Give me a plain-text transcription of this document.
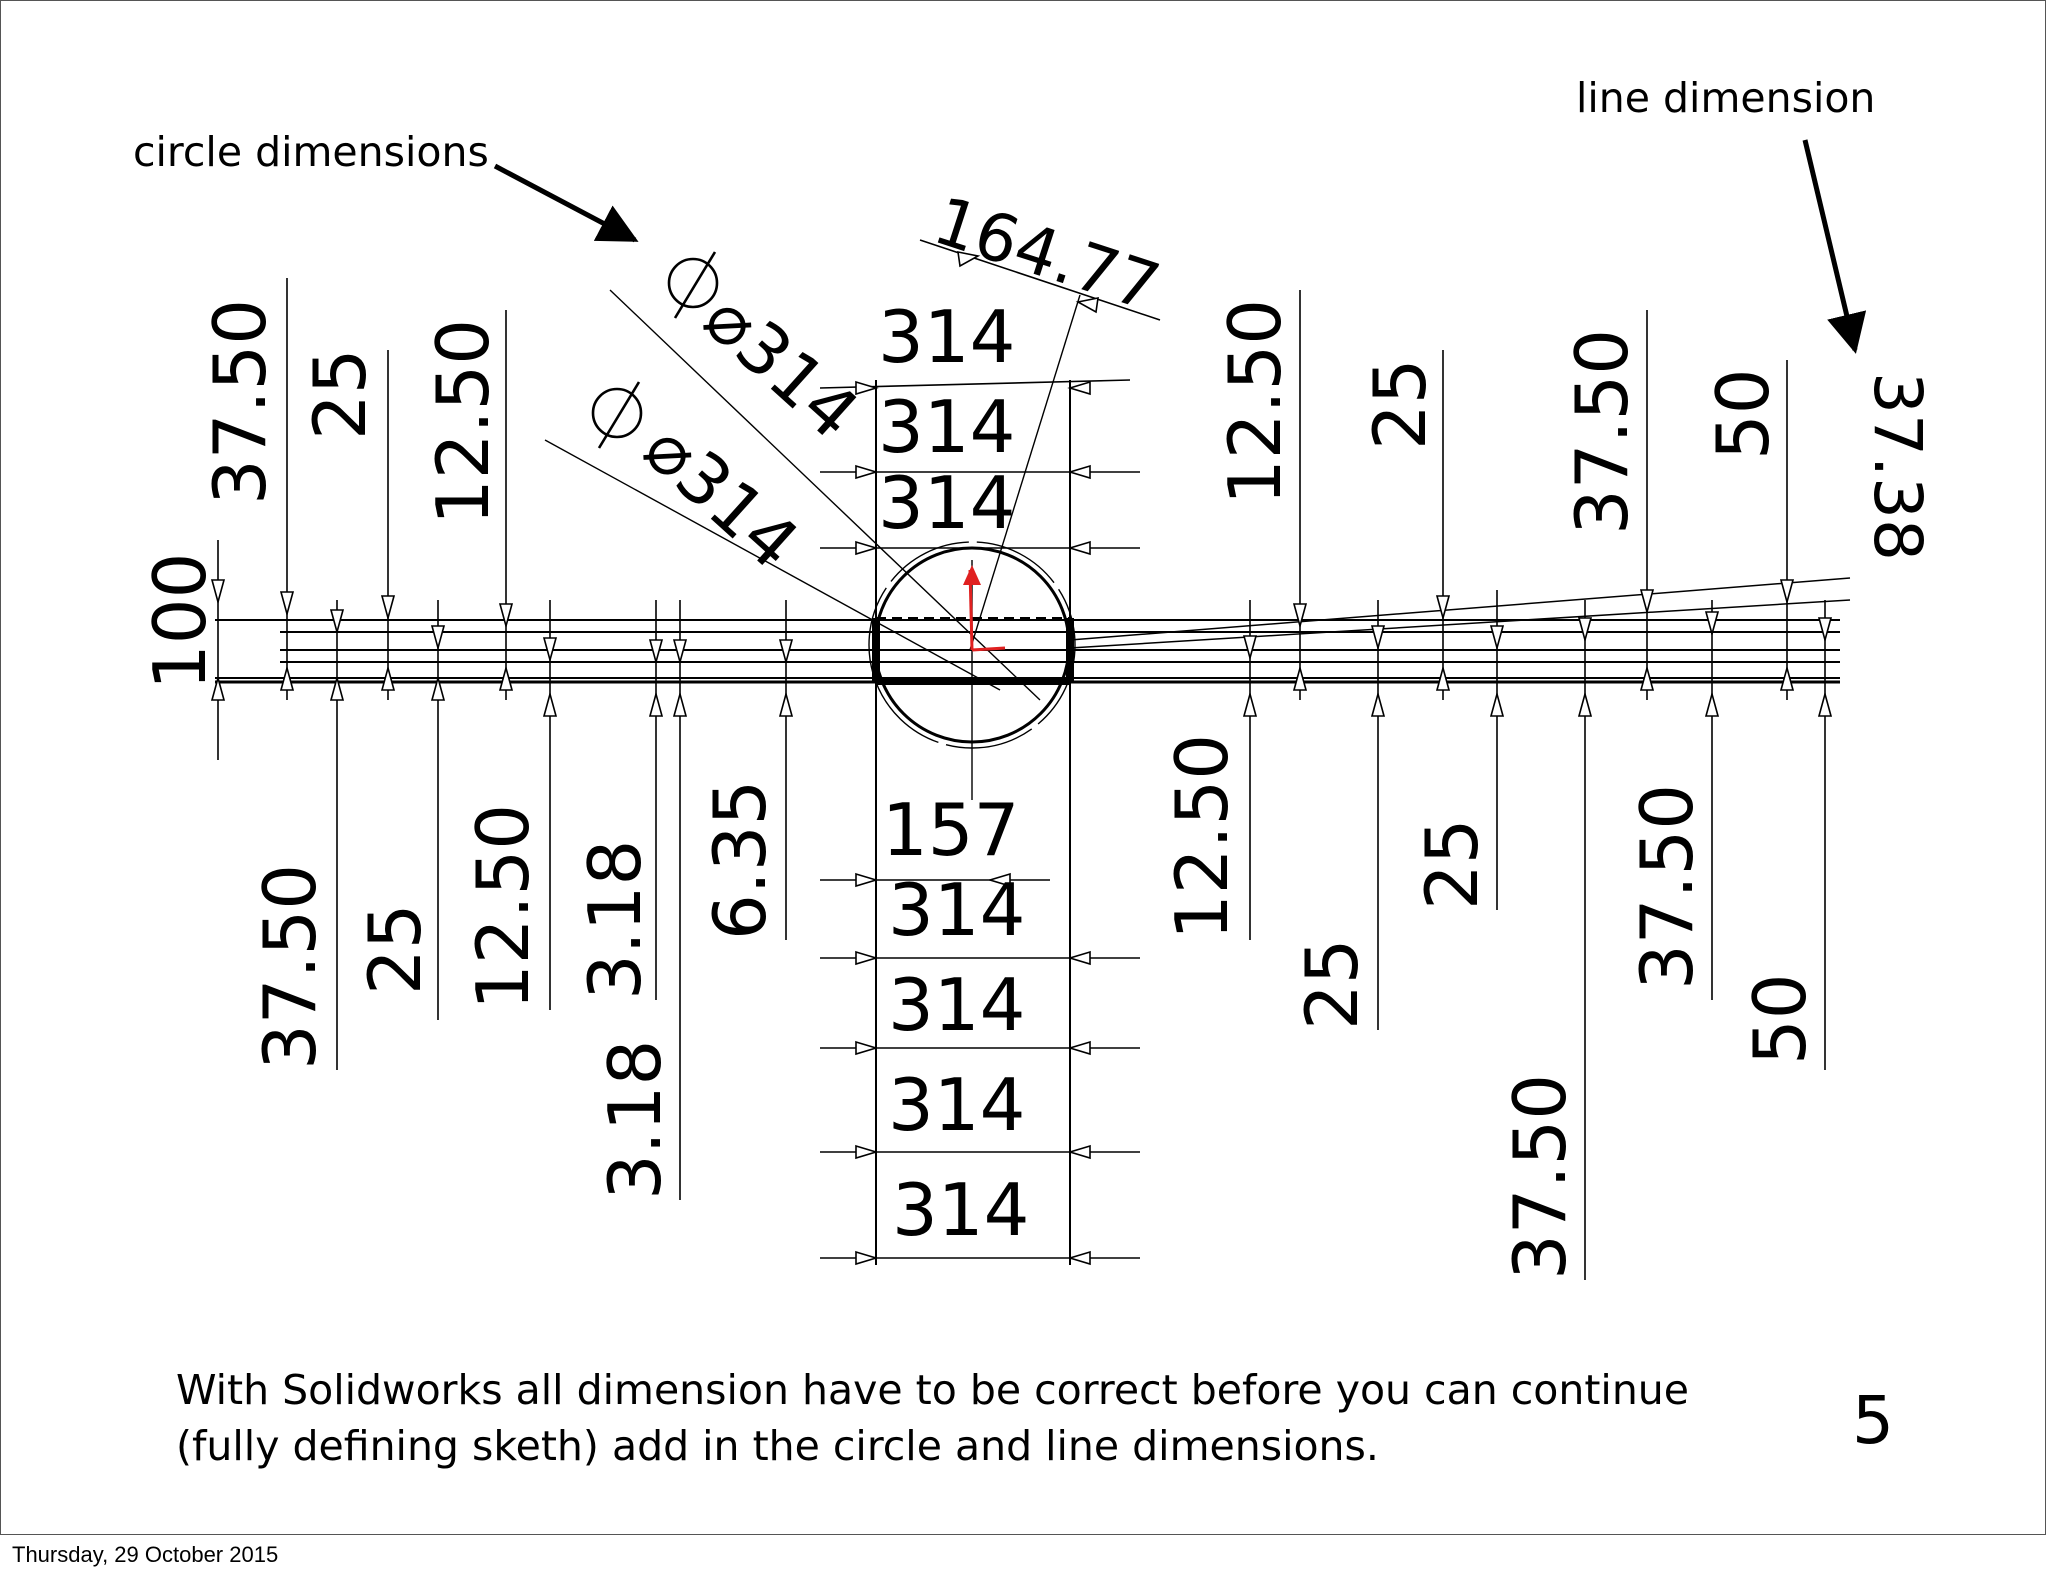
164.77
37.38
⌀314
⌀314
314
314
314
157
314
314
314
314
100
37.50 25 12.50
37.50 25 12.50 3.18
3.18
6.35
12.50 25 37.50 50
12.50
25
25
37.50
37.50
50
circle dimensions
line dimension
With Solidworks all dimension have to be correct before you can continue
(fully defining sketh) add in the circle and line dimensions.	5
Thursday, 29 October 2015
